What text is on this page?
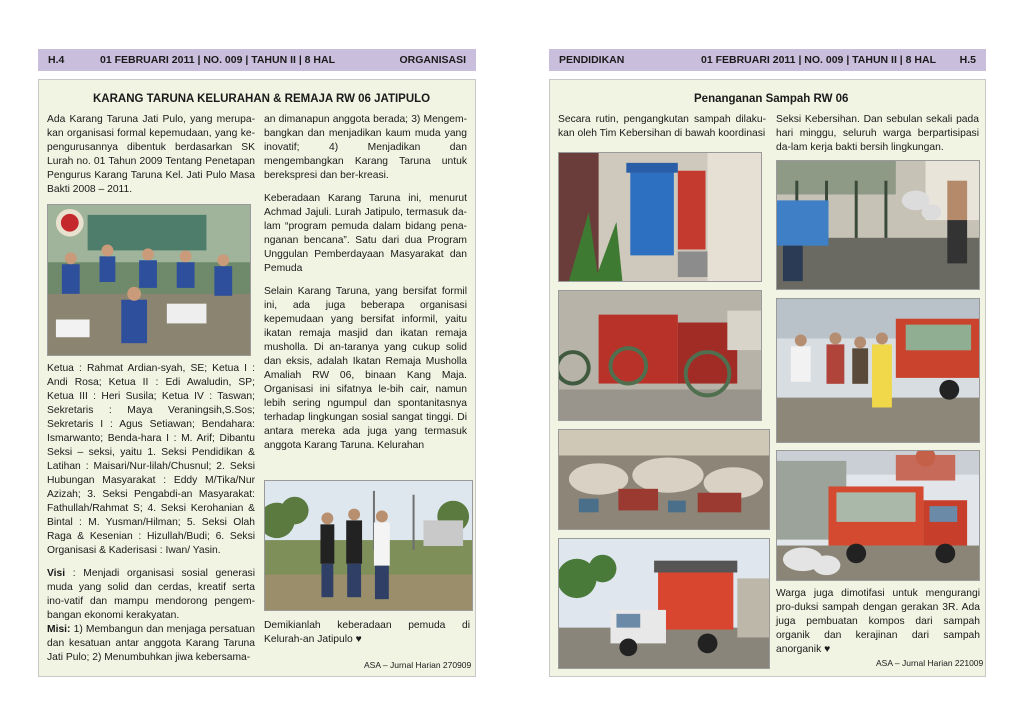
H.4	01 FEBRUARI 2011 | NO. 009 | TAHUN II | 8 HAL	ORGANISASI
KARANG TARUNA KELURAHAN & REMAJA RW 06 JATIPULO

Ada Karang Taruna Jati Pulo, yang merupa-kan organisasi formal kepemudaan, yang ke-pengurusannya dibentuk berdasarkan SK Lurah no. 01 Tahun 2009 Tentang Penetapan Pengurus Karang Taruna Kel. Jati Pulo Masa Bakti 2008 – 2011.

Ketua : Rahmat Ardian-syah, SE; Ketua I : Andi Rosa; Ketua II : Edi Awaludin, SP; Ketua III : Heri Susila; Ketua IV : Taswan; Sekretaris : Maya Veraningsih,S.Sos; Sekretaris I : Agus Setiawan; Bendahara: Ismarwanto; Benda-hara I : M. Arif; Dibantu Seksi – seksi, yaitu 1. Seksi Pendidikan & Latihan : Maisari/Nur-lilah/Chusnul; 2. Seksi Hubungan Masyarakat : Eddy M/Tika/Nur Azizah; 3. Seksi Pengabdi-an Masyarakat: Fathullah/Rahmat S; 4. Seksi Kerohanian & Bintal : M. Yusman/Hilman; 5. Seksi Olah Raga & Kesenian : Hizullah/Budi; 6. Seksi Organisasi & Kaderisasi : Iwan/ Yasin.

Visi : Menjadi organisasi sosial generasi muda yang solid dan cerdas, kreatif serta ino-vatif dan mampu mendorong pengem-bangan ekonomi kerakyatan.

Misi: 1) Membangun dan menjaga persatuan dan kesatuan antar anggota Karang Taruna Jati Pulo; 2) Menumbuhkan jiwa kebersama-

an dimanapun anggota berada; 3) Mengem-bangkan dan menjadikan kaum muda yang inovatif; 4) Menjadikan dan mengembangkan Karang Taruna untuk berekspresi dan ber-kreasi.

Keberadaan Karang Taruna ini, menurut Achmad Jajuli. Lurah Jatipulo, termasuk da-lam “program pemuda dalam bidang pena-nganan bencana”. Satu dari dua Program Unggulan Pemberdayaan Masyarakat dan Pemuda

Selain Karang Taruna, yang bersifat formil ini, ada juga beberapa organisasi kepemudaan yang bersifat informil, yaitu ikatan remaja masjid dan ikatan remaja musholla. Di an-taranya yang cukup solid dan eksis, adalah Ikatan Remaja Musholla Amaliah RW 06, binaan Kang Maja. Organisasi ini sifatnya le-bih cair, namun lebih sering ngumpul dan spontanitasnya terhadap lingkungan sosial sangat tinggi. Di antara mereka ada juga yang termasuk anggota Karang Taruna. Kelurahan

Demikianlah keberadaan pemuda di Kelurah-an Jatipulo ♥

ASA – Jurnal Harian 270909
PENDIDIKAN	01 FEBRUARI 2011 | NO. 009 | TAHUN II | 8 HAL	H.5
Penanganan Sampah RW 06

Secara rutin, pengangkutan sampah dilaku-kan oleh Tim Kebersihan di bawah koordinasi

Seksi Kebersihan. Dan sebulan sekali pada hari minggu, seluruh warga berpartisipasi da-lam kerja bakti bersih lingkungan.

Warga juga dimotifasi untuk mengurangi pro-duksi sampah dengan gerakan 3R. Ada juga pembuatan kompos dari sampah organik dan kerajinan dari sampah anorganik ♥

ASA – Jurnal Harian 221009
